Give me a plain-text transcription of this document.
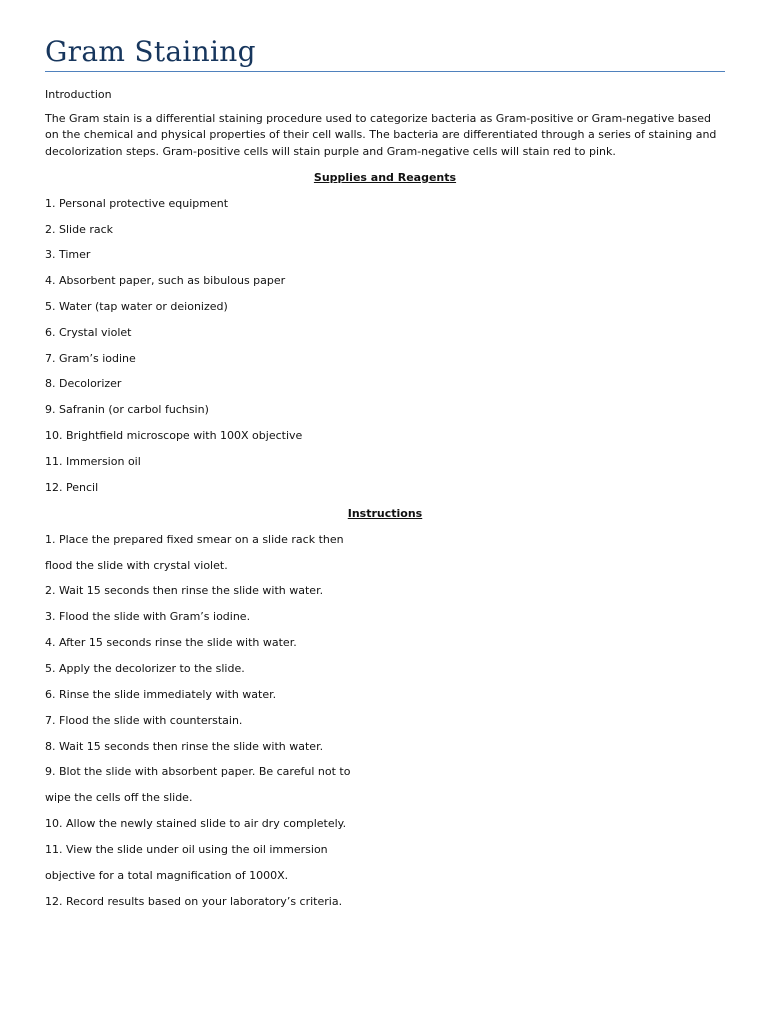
Gram Staining
Introduction
The Gram stain is a differential staining procedure used to categorize bacteria as Gram-positive or Gram-negative based on the chemical and physical properties of their cell walls. The bacteria are differentiated through a series of staining and decolorization steps. Gram-positive cells will stain purple and Gram-negative cells will stain red to pink.
Supplies and Reagents
1. Personal protective equipment
2. Slide rack
3. Timer
4. Absorbent paper, such as bibulous paper
5. Water (tap water or deionized)
6. Crystal violet
7. Gram’s iodine
8. Decolorizer
9. Safranin (or carbol fuchsin)
10. Brightfield microscope with 100X objective
11. Immersion oil
12. Pencil
Instructions
1. Place the prepared fixed smear on a slide rack then
flood the slide with crystal violet.
2. Wait 15 seconds then rinse the slide with water.
3. Flood the slide with Gram’s iodine.
4. After 15 seconds rinse the slide with water.
5. Apply the decolorizer to the slide.
6. Rinse the slide immediately with water.
7. Flood the slide with counterstain.
8. Wait 15 seconds then rinse the slide with water.
9. Blot the slide with absorbent paper. Be careful not to
wipe the cells off the slide.
10. Allow the newly stained slide to air dry completely.
11. View the slide under oil using the oil immersion
objective for a total magnification of 1000X.
12. Record results based on your laboratory’s criteria.
